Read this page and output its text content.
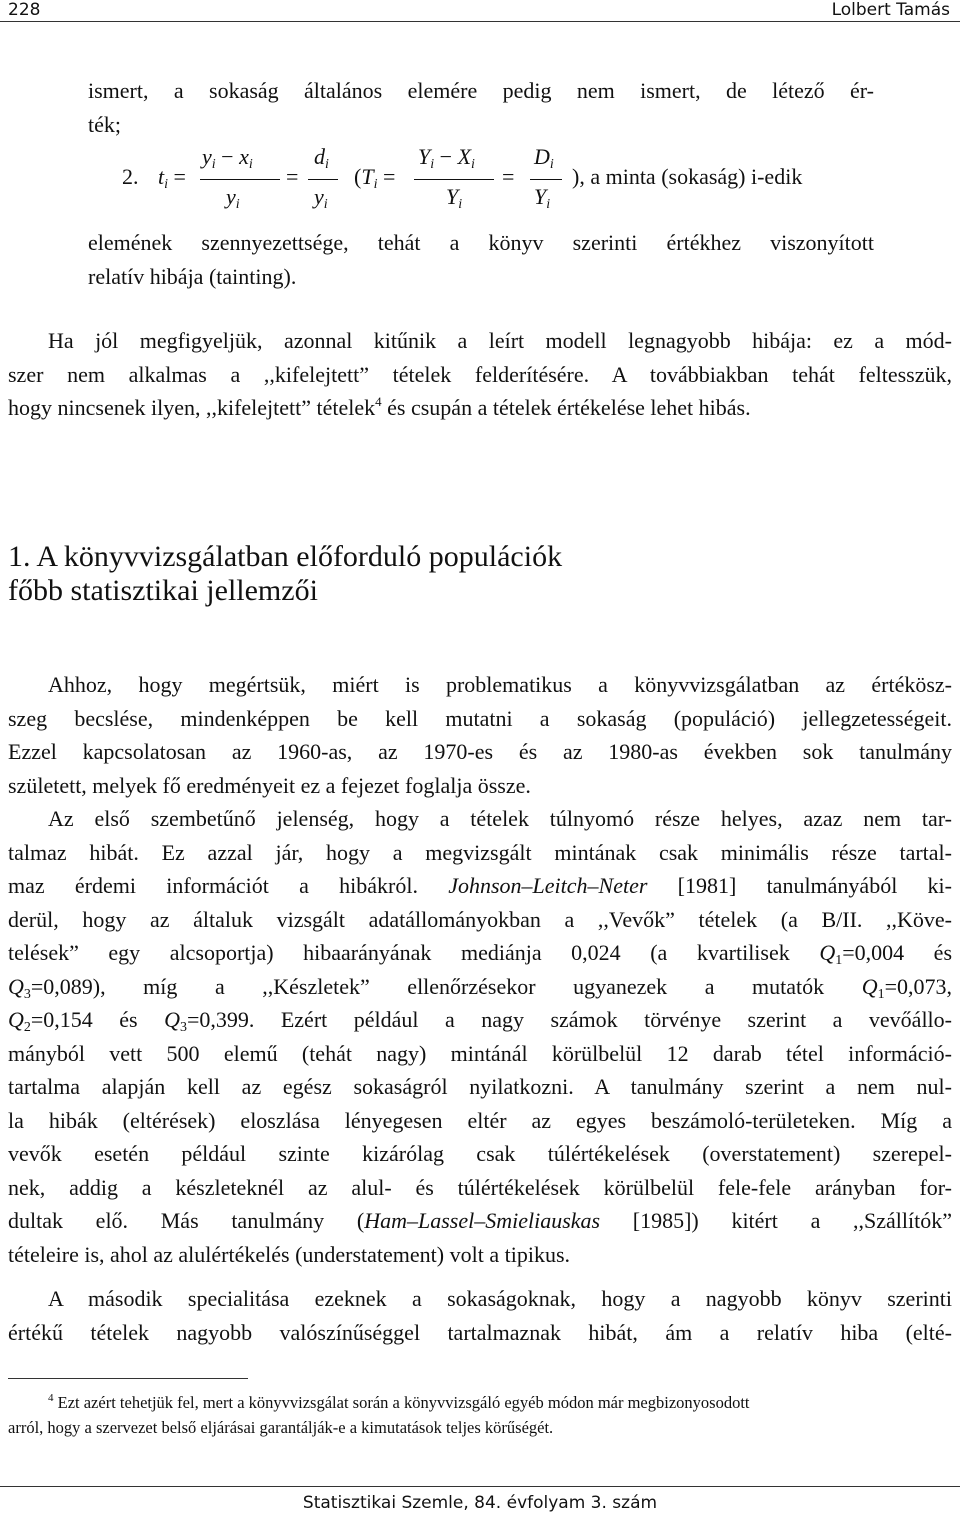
228	Lolbert Tamás
ismert, a sokaság általános elemére pedig nem ismert, de létező ér-
ték;
2. $t_i$ =
$y_i - x_i$
$y_i$
=
$d_i$
$y_i$
($T_i$ =
$Y_i - X_i$
$Y_i$
=
$D_i$
$Y_i$
), a minta (sokaság) i-edik
elemének szennyezettsége, tehát a könyv szerinti értékhez viszonyított
relatív hibája (tainting).
Ha jól megfigyeljük, azonnal kitűnik a leírt modell legnagyobb hibája: ez a mód-
szer nem alkalmas a ,,kifelejtett” tételek felderítésére. A továbbiakban tehát feltesszük,
hogy nincsenek ilyen, ,,kifelejtett” tételek$^4$ és csupán a tételek értékelése lehet hibás.
1. A könyvvizsgálatban előforduló populációk
főbb statisztikai jellemzői
Ahhoz, hogy megértsük, miért is problematikus a könyvvizsgálatban az értékösz-
szeg becslése, mindenképpen be kell mutatni a sokaság (populáció) jellegzetességeit.
Ezzel kapcsolatosan az 1960-as, az 1970-es és az 1980-as években sok tanulmány
született, melyek fő eredményeit ez a fejezet foglalja össze.
Az első szembetűnő jelenség, hogy a tételek túlnyomó része helyes, azaz nem tar-
talmaz hibát. Ez azzal jár, hogy a megvizsgált mintának csak minimális része tartal-
maz érdemi információt a hibákról. Johnson–Leitch–Neter [1981] tanulmányából ki-
derül, hogy az általuk vizsgált adatállományokban a ,,Vevők” tételek (a B/II. ,,Köve-
telések” egy alcsoportja) hibaarányának mediánja 0,024 (a kvartilisek $Q_1=0,004$ és
$Q_3=0,089$), míg a ,,Készletek” ellenőrzésekor ugyanezek a mutatók $Q_1=0,073$,
$Q_2=0,154$ és $Q_3=0,399$. Ezért például a nagy számok törvénye szerint a vevőállo-
mányból vett 500 elemű (tehát nagy) mintánál körülbelül 12 darab tétel információ-
tartalma alapján kell az egész sokaságról nyilatkozni. A tanulmány szerint a nem nul-
la hibák (eltérések) eloszlása lényegesen eltér az egyes beszámoló-területeken. Míg a
vevők esetén például szinte kizárólag csak túlértékelések (overstatement) szerepel-
nek, addig a készleteknél az alul- és túlértékelések körülbelül fele-fele arányban for-
dultak elő. Más tanulmány (Ham–Lassel–Smieliauskas [1985]) kitért a ,,Szállítók”
tételeire is, ahol az alulértékelés (understatement) volt a tipikus.
A második specialitása ezeknek a sokaságoknak, hogy a nagyobb könyv szerinti
értékű tételek nagyobb valószínűséggel tartalmaznak hibát, ám a relatív hiba (elté-
$^4$ Ezt azért tehetjük fel, mert a könyvvizsgálat során a könyvvizsgáló egyéb módon már megbizonyosodott
arról, hogy a szervezet belső eljárásai garantálják-e a kimutatások teljes körűségét.
Statisztikai Szemle, 84. évfolyam 3. szám
